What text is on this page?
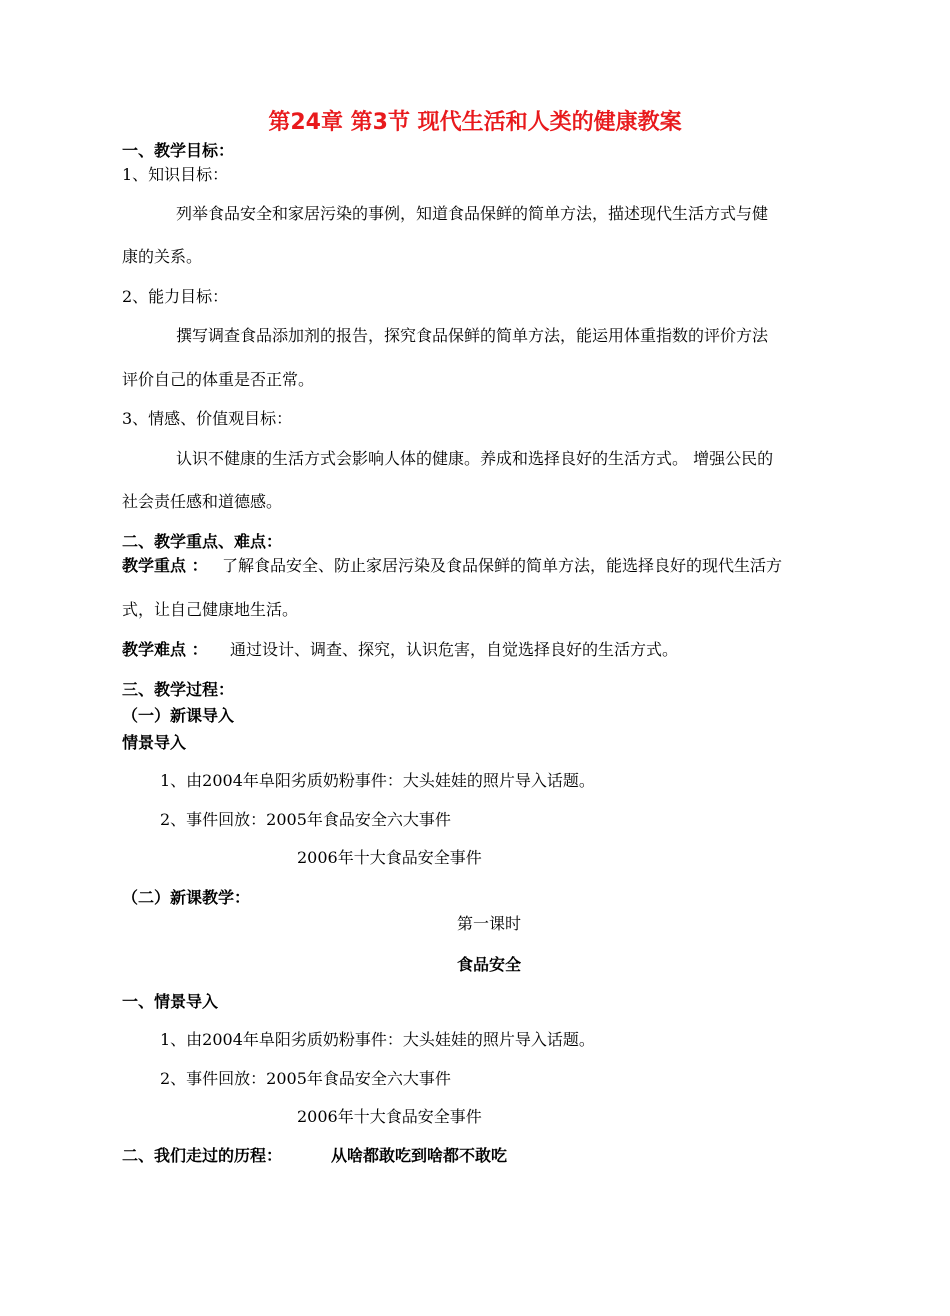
第24章 第3节 现代生活和人类的健康教案
一、教学目标：
1、知识目标：
列举食品安全和家居污染的事例，知道食品保鲜的简单方法，描述现代生活方式与健
康的关系。
2、能力目标：
撰写调查食品添加剂的报告，探究食品保鲜的简单方法，能运用体重指数的评价方法
评价自己的体重是否正常。
3、情感、价值观目标：
认识不健康的生活方式会影响人体的健康。养成和选择良好的生活方式。 增强公民的
社会责任感和道德感。
二、教学重点、难点：
教学重点 ： 了解食品安全、防止家居污染及食品保鲜的简单方法，能选择良好的现代生活方
式，让自己健康地生活。
教学难点 ： 通过设计、调查、探究，认识危害，自觉选择良好的生活方式。
三、教学过程：
（一）新课导入
情景导入
1、由2004年阜阳劣质奶粉事件：大头娃娃的照片导入话题。
2、事件回放：2005年食品安全六大事件
2006年十大食品安全事件
（二）新课教学：
第一课时
食品安全
一、情景导入
1、由2004年阜阳劣质奶粉事件：大头娃娃的照片导入话题。
2、事件回放：2005年食品安全六大事件
2006年十大食品安全事件
二、我们走过的历程：	从啥都敢吃到啥都不敢吃
